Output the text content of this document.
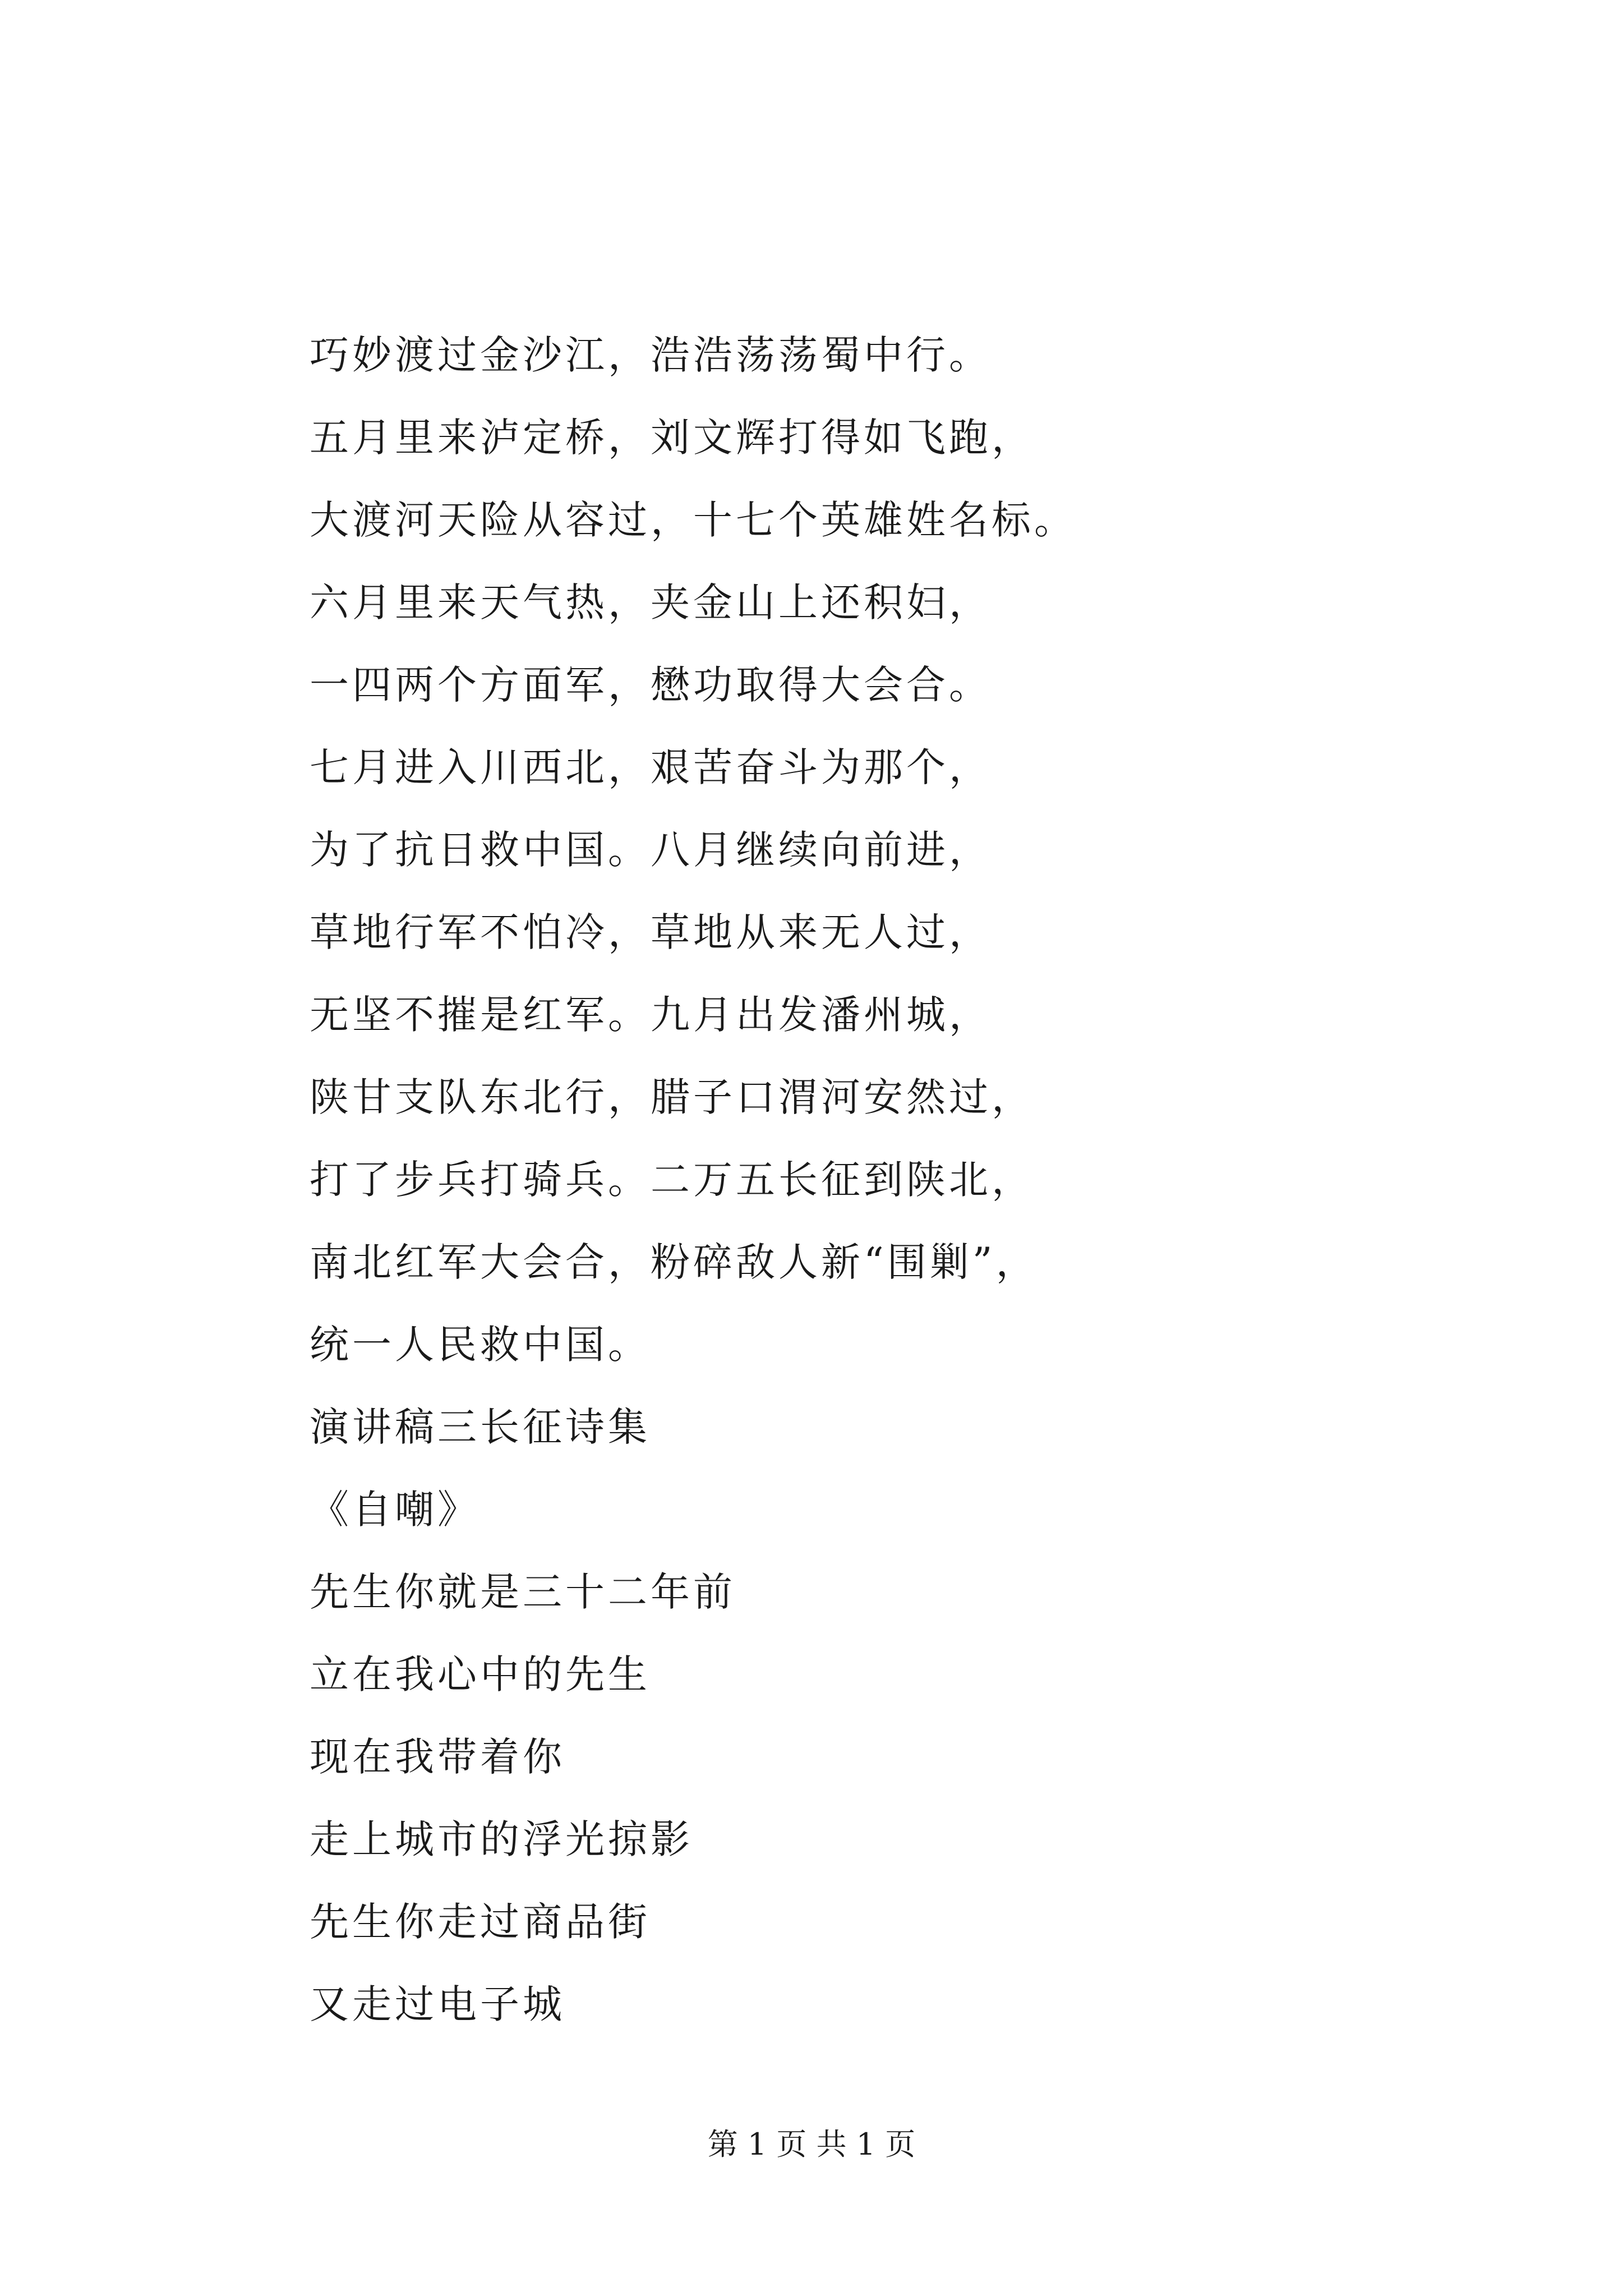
巧妙渡过金沙江，浩浩荡荡蜀中行。
五月里来泸定桥，刘文辉打得如飞跑，
大渡河天险从容过，十七个英雄姓名标。
六月里来天气热，夹金山上还积妇，
一四两个方面军，懋功取得大会合。
七月进入川西北，艰苦奋斗为那个，
为了抗日救中国。八月继续向前进，
草地行军不怕冷，草地从来无人过，
无坚不摧是红军。九月出发潘州城，
陕甘支队东北行，腊子口渭河安然过，
打了步兵打骑兵。二万五长征到陕北，
南北红军大会合，粉碎敌人新“围剿”，
统一人民救中国。
演讲稿三长征诗集
《自嘲》
先生你就是三十二年前
立在我心中的先生
现在我带着你
走上城市的浮光掠影
先生你走过商品街
又走过电子城
第 1 页 共 1 页
